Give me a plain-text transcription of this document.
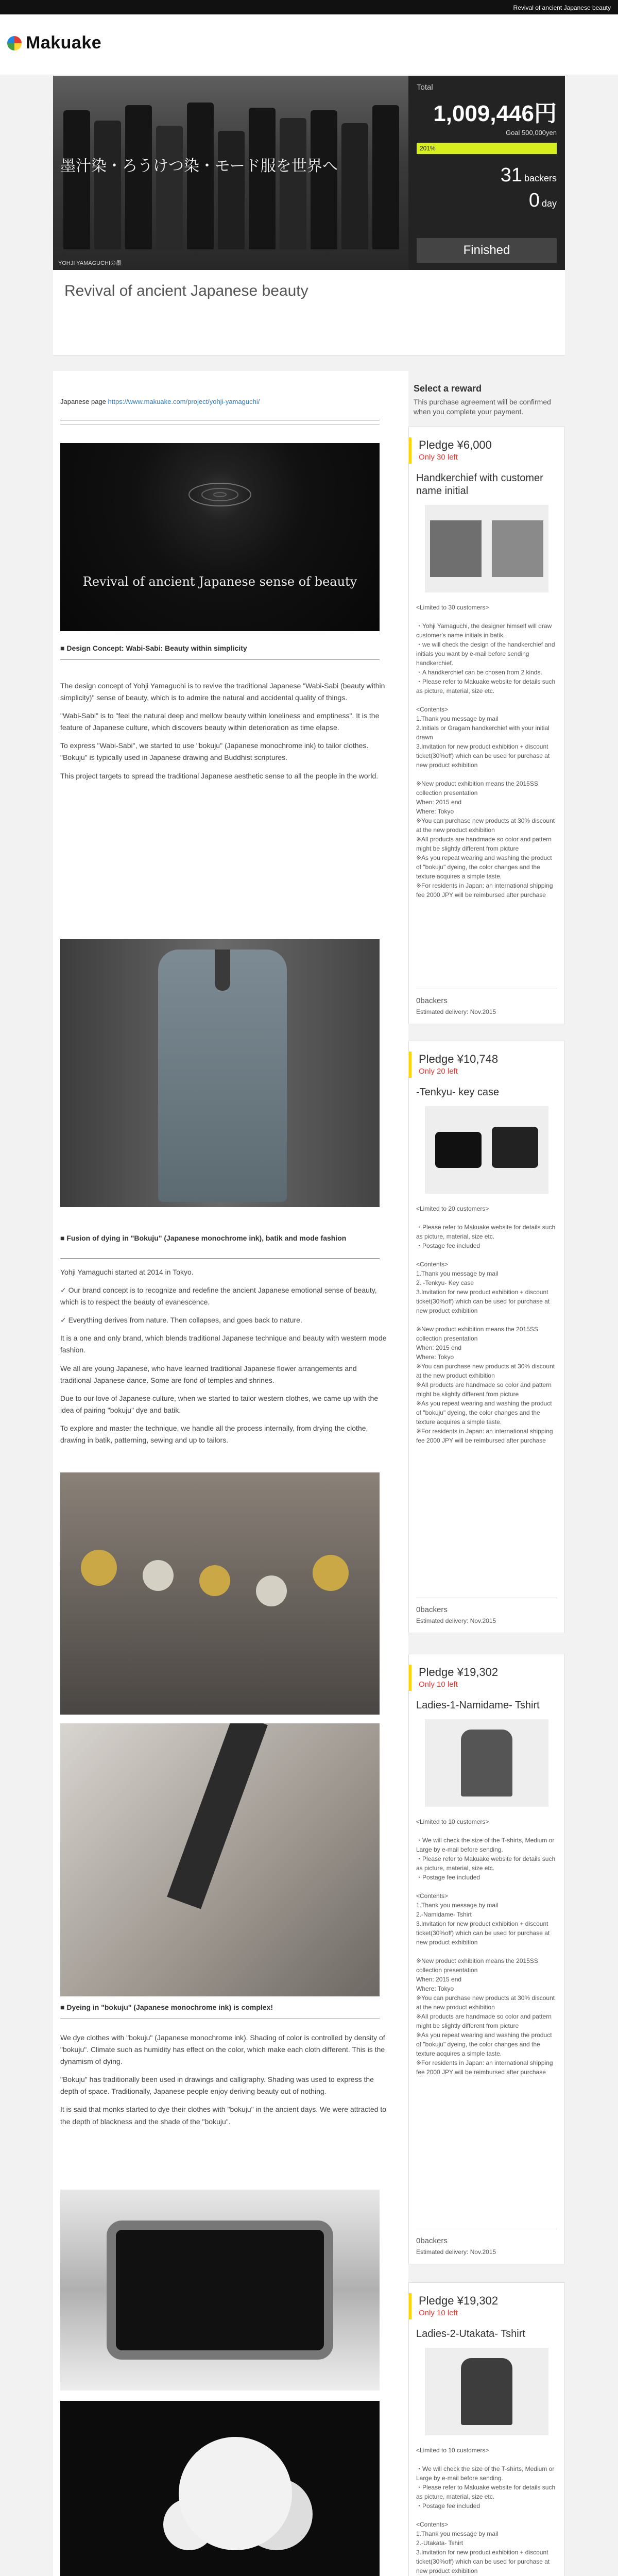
Revival of ancient Japanese beauty
Makuake
墨汁染・ろうけつ染・モード服を世界へ
YOHJI YAMAGUCHIの墨
Total
1,009,446円
Goal 500,000yen
201%
31 backers
0 day
Finished
Revival of ancient Japanese beauty
Japanese page https://www.makuake.com/project/yohji-yamaguchi/
Revival of ancient Japanese sense of beauty
■ Design Concept: Wabi-Sabi: Beauty within simplicity

The design concept of Yohji Yamaguchi is to revive the traditional Japanese "Wabi-Sabi (beauty within simplicity)" sense of beauty, which is to admire the natural and accidental quality of things.

"Wabi-Sabi" is to "feel the natural deep and mellow beauty within loneliness and emptiness". It is the feature of Japanese culture, which discovers beauty within deterioration as time elapse.

To express "Wabi-Sabi", we started to use "bokuju" (Japanese monochrome ink) to tailor clothes. "Bokuju" is typically used in Japanese drawing and Buddhist scriptures.

This project targets to spread the traditional Japanese aesthetic sense to all the people in the world.

■ Fusion of dying in "Bokuju" (Japanese monochrome ink), batik and mode fashion

Yohji Yamaguchi started at 2014 in Tokyo.

✓ Our brand concept is to recognize and redefine the ancient Japanese emotional sense of beauty, which is to respect the beauty of evanescence.

✓ Everything derives from nature. Then collapses, and goes back to nature.

It is a one and only brand, which blends traditional Japanese technique and beauty with western mode fashion.

We all are young Japanese, who have learned traditional Japanese flower arrangements and traditional Japanese dance. Some are fond of temples and shrines.

Due to our love of Japanese culture, when we started to tailor western clothes, we came up with the idea of pairing "bokuju" dye and batik.

To explore and master the technique, we handle all the process internally, from drying the clothe, drawing in batik, patterning, sewing and up to tailors.

■ Dyeing in "bokuju" (Japanese monochrome ink) is complex!

We dye clothes with "bokuju" (Japanese monochrome ink). Shading of color is controlled by density of "bokuju". Climate such as humidity has effect on the color, which make each cloth different. This is the dynamism of dying.

"Bokuju" has traditionally been used in drawings and calligraphy. Shading was used to express the depth of space. Traditionally, Japanese people enjoy deriving beauty out of nothing.

It is said that monks started to dye their clothes with "bokuju" in the ancient days. We were attracted to the depth of blackness and the shade of the "bokuju".

Select a reward
This purchase agreement will be confirmed when you complete your payment.
Pledge ¥6,000
Only 30 left
Handkerchief with customer name initial
<Limited to 30 customers>

・Yohji Yamaguchi, the designer himself will draw customer's name initials in batik.
・we will check the design of the handkerchief and initials you want by e-mail before sending handkerchief.
・A handkerchief can be chosen from 2 kinds.
・Please refer to Makuake website for details such as picture, material, size etc.

<Contents>
1.Thank you message by mail
2.Initials or Gragam handkerchief with your initial drawn
3.Invitation for new product exhibition + discount ticket(30%off) which can be used for purchase at new product exhibition

※New product exhibition means the 2015SS collection presentation
When: 2015 end
Where: Tokyo
※You can purchase new products at 30% discount at the new product exhibition
※All products are handmade so color and pattern might be slightly different from picture
※As you repeat wearing and washing the product of "bokuju" dyeing, the color changes and the texture acquires a simple taste.
※For residents in Japan: an international shipping fee 2000 JPY will be reimbursed after purchase
0backers
Estimated delivery: Nov.2015
Pledge ¥10,748
Only 20 left
-Tenkyu- key case
<Limited to 20 customers>

・Please refer to Makuake website for details such as picture, material, size etc.
・Postage fee included

<Contents>
1.Thank you message by mail
2. -Tenkyu- Key case
3.Invitation for new product exhibition + discount ticket(30%off) which can be used for purchase at new product exhibition

※New product exhibition means the 2015SS collection presentation
When: 2015 end
Where: Tokyo
※You can purchase new products at 30% discount at the new product exhibition
※All products are handmade so color and pattern might be slightly different from picture
※As you repeat wearing and washing the product of "bokuju" dyeing, the color changes and the texture acquires a simple taste.
※For residents in Japan: an international shipping fee 2000 JPY will be reimbursed after purchase
0backers
Estimated delivery: Nov.2015
Pledge ¥19,302
Only 10 left
Ladies-1-Namidame- Tshirt
<Limited to 10 customers>

・We will check the size of the T-shirts, Medium or Large by e-mail before sending.
・Please refer to Makuake website for details such as picture, material, size etc.
・Postage fee included

<Contents>
1.Thank you message by mail
2.-Namidame- Tshirt
3.Invitation for new product exhibition + discount ticket(30%off) which can be used for purchase at new product exhibition

※New product exhibition means the 2015SS collection presentation
When: 2015 end
Where: Tokyo
※You can purchase new products at 30% discount at the new product exhibition
※All products are handmade so color and pattern might be slightly different from picture
※As you repeat wearing and washing the product of "bokuju" dyeing, the color changes and the texture acquires a simple taste.
※For residents in Japan: an international shipping fee 2000 JPY will be reimbursed after purchase
0backers
Estimated delivery: Nov.2015
Pledge ¥19,302
Only 10 left
Ladies-2-Utakata- Tshirt
<Limited to 10 customers>

・We will check the size of the T-shirts, Medium or Large by e-mail before sending.
・Please refer to Makuake website for details such as picture, material, size etc.
・Postage fee included

<Contents>
1.Thank you message by mail
2.-Utakata- Tshirt
3.Invitation for new product exhibition + discount ticket(30%off) which can be used for purchase at new product exhibition
